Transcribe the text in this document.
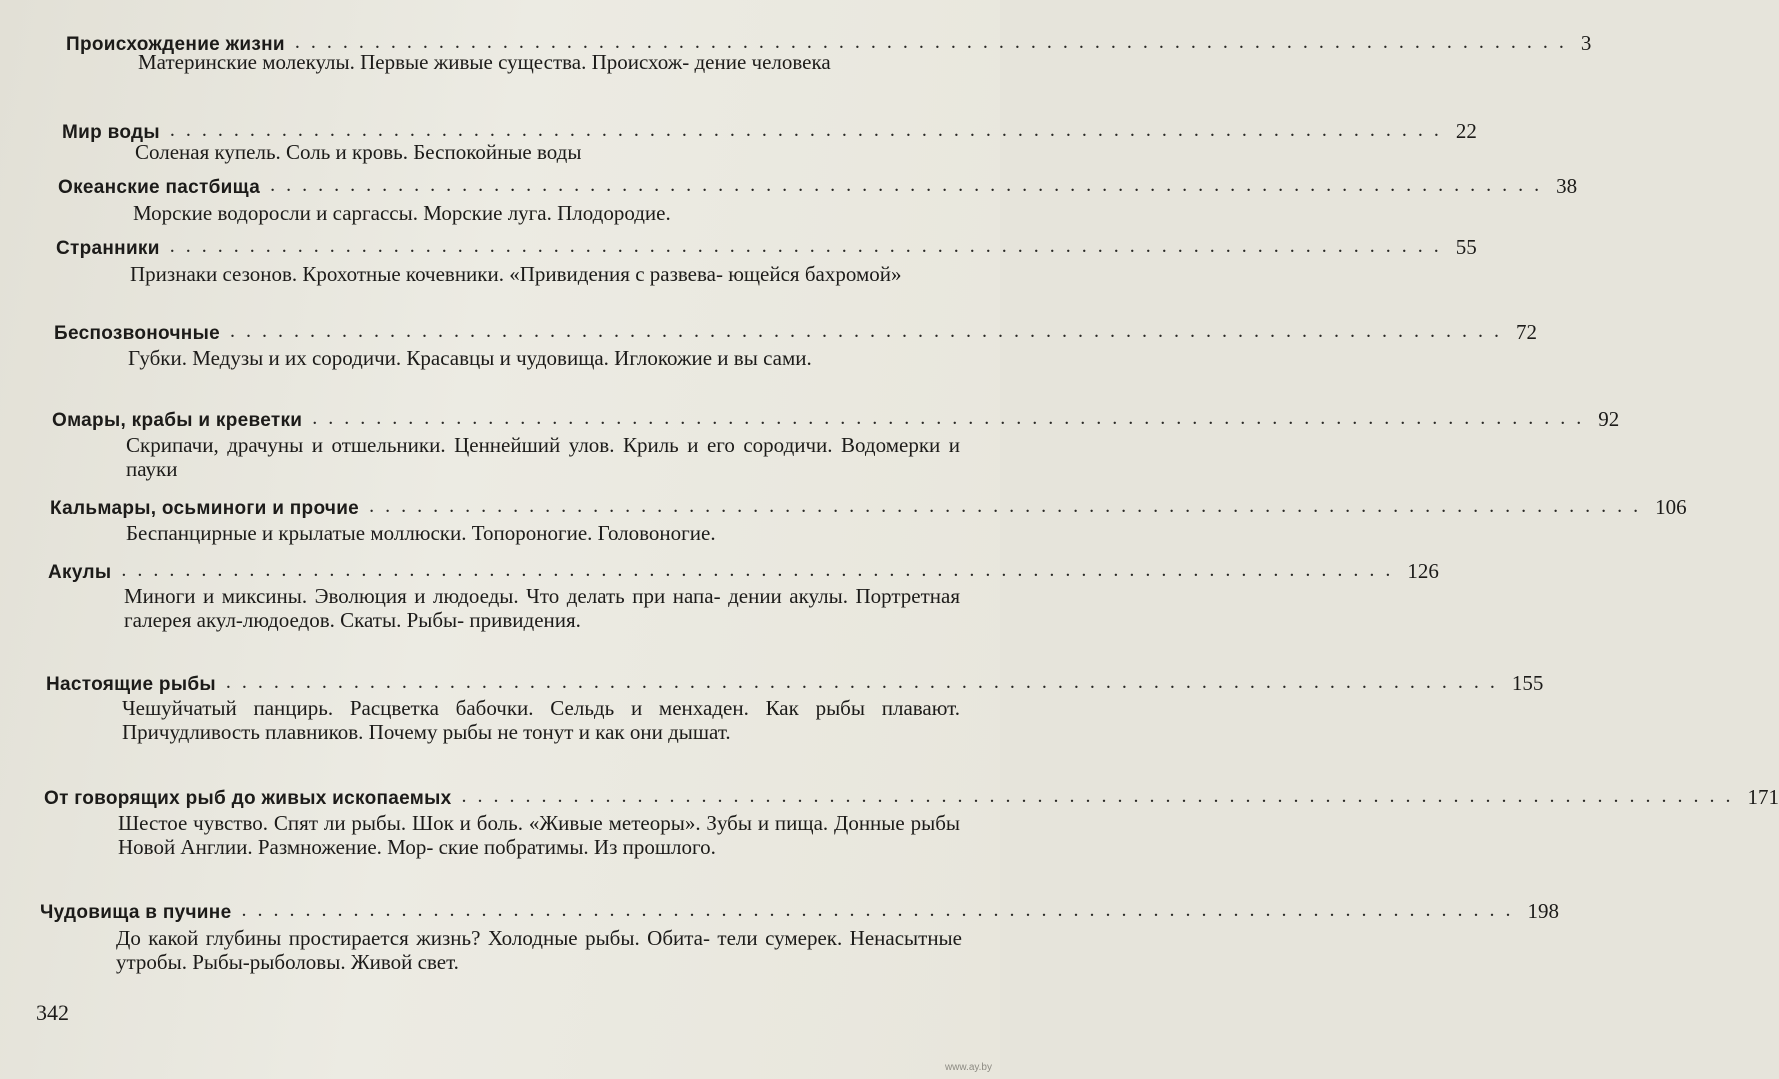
Происхождение жизни ................................................................................ 3
Материнские молекулы. Первые живые существа. Происхож- дение человека
Мир воды ................................................................................ 22
Соленая купель. Соль и кровь. Беспокойные воды
Океанские пастбища ................................................................................ 38
Морские водоросли и саргассы. Морские луга. Плодородие.
Странники ................................................................................ 55
Признаки сезонов. Крохотные кочевники. «Привидения с развева- ющейся бахромой»
Беспозвоночные ................................................................................ 72
Губки. Медузы и их сородичи. Красавцы и чудовища. Иглокожие и вы сами.
Омары, крабы и креветки ................................................................................ 92
Скрипачи, драчуны и отшельники. Ценнейший улов. Криль и его сородичи. Водомерки и пауки
Кальмары, осьминоги и прочие ................................................................................ 106
Беспанцирные и крылатые моллюски. Топороногие. Головоногие.
Акулы ................................................................................ 126
Миноги и миксины. Эволюция и людоеды. Что делать при напа- дении акулы. Портретная галерея акул-людоедов. Скаты. Рыбы- привидения.
Настоящие рыбы ................................................................................ 155
Чешуйчатый панцирь. Расцветка бабочки. Сельдь и менхаден. Как рыбы плавают. Причудливость плавников. Почему рыбы не тонут и как они дышат.
От говорящих рыб до живых ископаемых ................................................................................ 171
Шестое чувство. Спят ли рыбы. Шок и боль. «Живые метеоры». Зубы и пища. Донные рыбы Новой Англии. Размножение. Мор- ские побратимы. Из прошлого.
Чудовища в пучине ................................................................................ 198
До какой глубины простирается жизнь? Холодные рыбы. Обита- тели сумерек. Ненасытные утробы. Рыбы-рыболовы. Живой свет.
342
www.ay.by
